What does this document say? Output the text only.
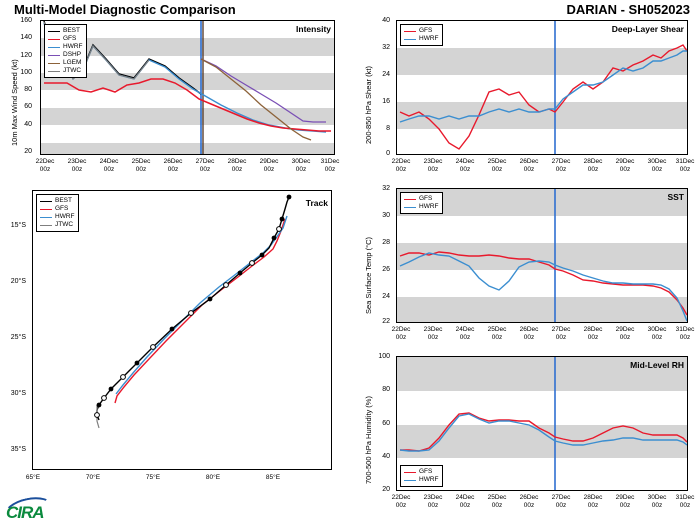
Multi-Model Diagnostic Comparison	DARIAN - SH052023
BEST
GFS
HWRF
DSHP
LGEM
JTWC
Intensity
10m Max Wind Speed (kt)
160
140
120
100
80
60
40
20
22Dec
00z
23Dec
00z
24Dec
00z
25Dec
00z
26Dec
00z
27Dec
00z
28Dec
00z
29Dec
00z
30Dec
00z
31Dec
00z
BEST
GFS
HWRF
JTWC
Track
15°S
20°S
25°S
30°S
35°S
65°E	70°E	75°E	80°E	85°E
GFS
HWRF
Deep-Layer Shear
200-850 hPa Shear (kt)
40
32
24
16
8
0
22Dec
00z
23Dec
00z
24Dec
00z
25Dec
00z
26Dec
00z
27Dec
00z
28Dec
00z
29Dec
00z
30Dec
00z
31Dec
00z
GFS
HWRF
SST
Sea Surface Temp (°C)
32
30
28
26
24
22
22Dec
00z
23Dec
00z
24Dec
00z
25Dec
00z
26Dec
00z
27Dec
00z
28Dec
00z
29Dec
00z
30Dec
00z
31Dec
00z
GFS
HWRF
Mid-Level RH
700-500 hPa Humidity (%)
100
80
60
40
20
22Dec
00z
23Dec
00z
24Dec
00z
25Dec
00z
26Dec
00z
27Dec
00z
28Dec
00z
29Dec
00z
30Dec
00z
31Dec
00z
CIRA
